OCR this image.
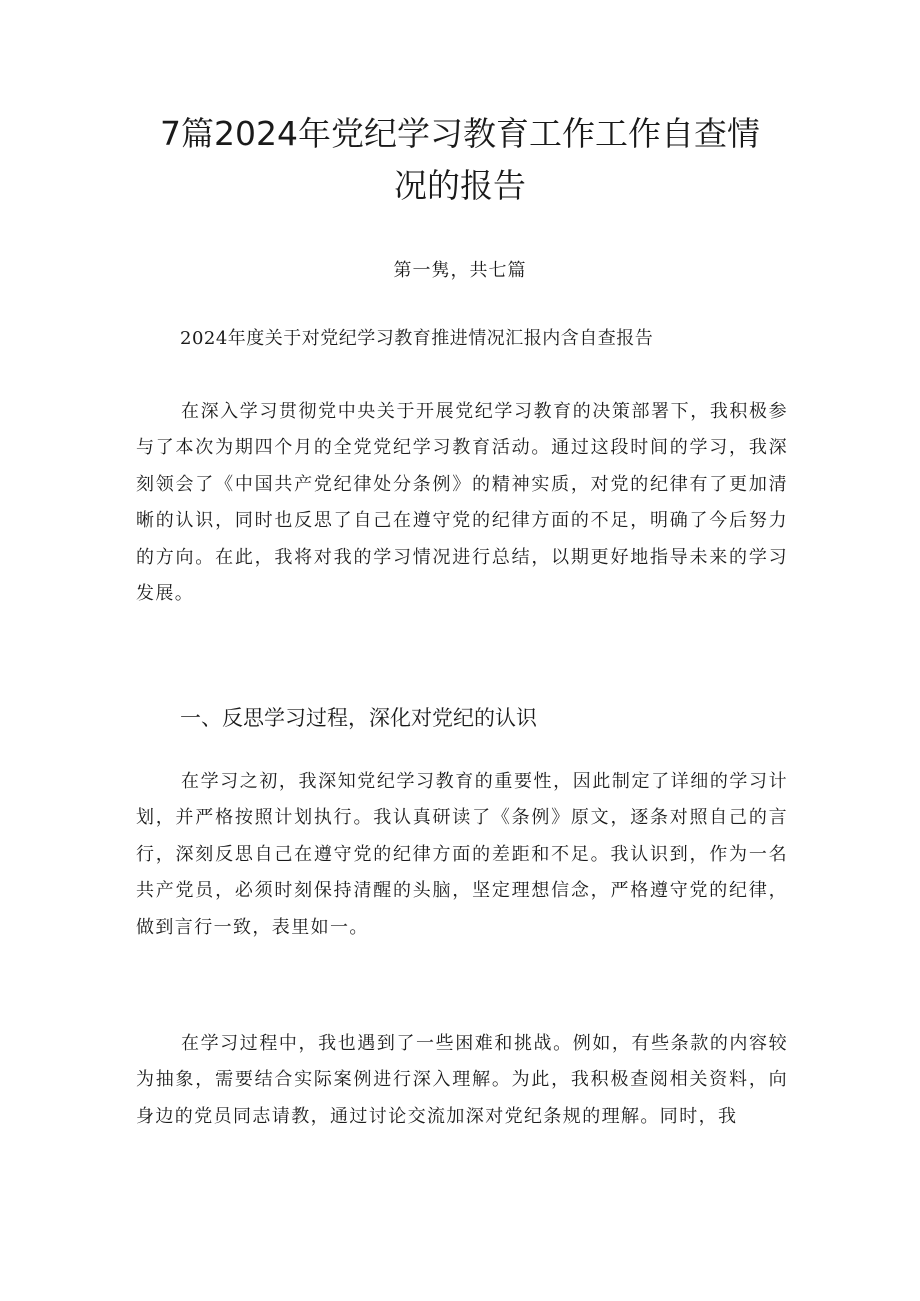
7篇2024年党纪学习教育工作工作自查情
况的报告
第一隽，共七篇
2024年度关于对党纪学习教育推进情况汇报内含自查报告

在深入学习贯彻党中央关于开展党纪学习教育的决策部署下，我积极参与了本次为期四个月的全党党纪学习教育活动。通过这段时间的学习，我深刻领会了《中国共产党纪律处分条例》的精神实质，对党的纪律有了更加清晰的认识，同时也反思了自己在遵守党的纪律方面的不足，明确了今后努力的方向。在此，我将对我的学习情况进行总结，以期更好地指导未来的学习发展。

一、反思学习过程，深化对党纪的认识

在学习之初，我深知党纪学习教育的重要性，因此制定了详细的学习计划，并严格按照计划执行。我认真研读了《条例》原文，逐条对照自己的言行，深刻反思自己在遵守党的纪律方面的差距和不足。我认识到，作为一名共产党员，必须时刻保持清醒的头脑，坚定理想信念，严格遵守党的纪律，做到言行一致，表里如一。

在学习过程中，我也遇到了一些困难和挑战。例如，有些条款的内容较为抽象，需要结合实际案例进行深入理解。为此，我积极查阅相关资料，向身边的党员同志请教，通过讨论交流加深对党纪条规的理解。同时，我
